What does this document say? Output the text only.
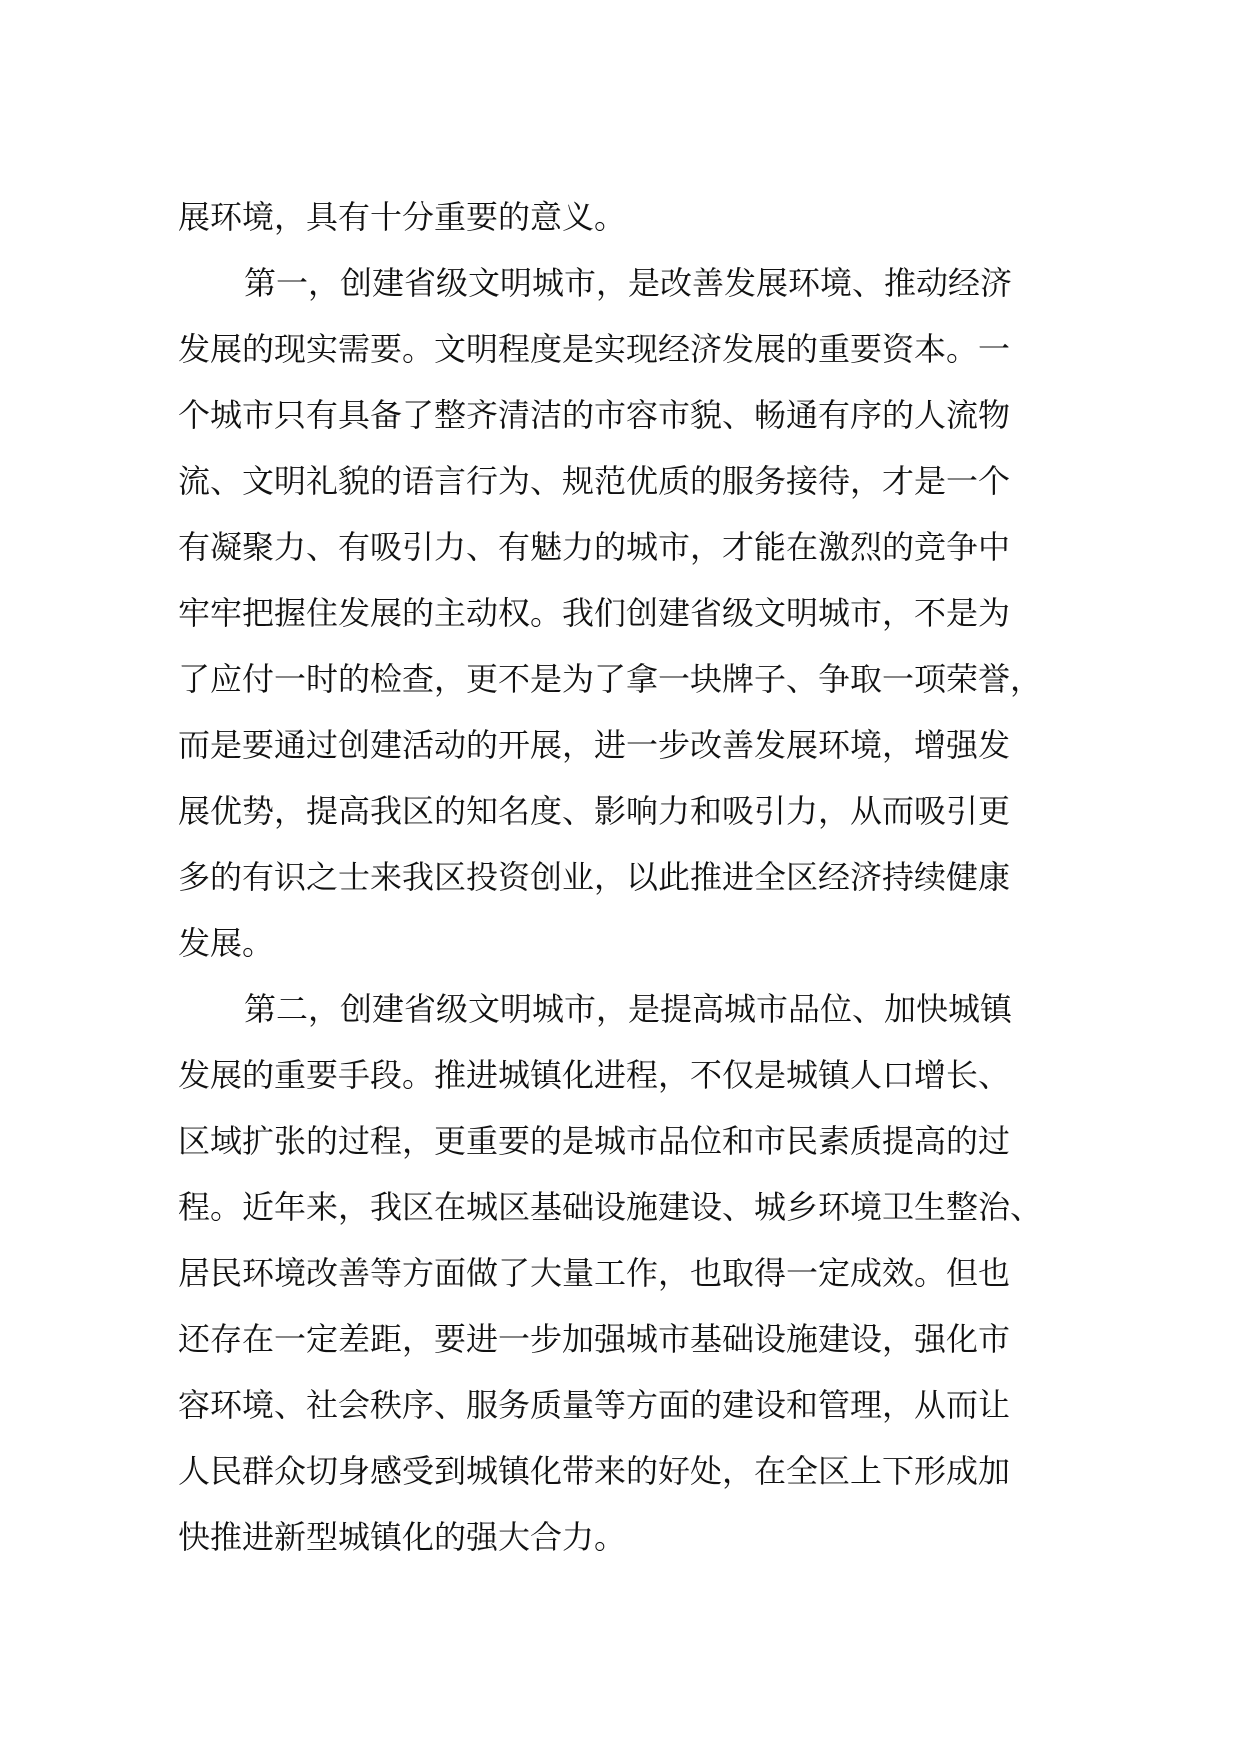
展环境，具有十分重要的意义。
第一，创建省级文明城市，是改善发展环境、推动经济
发展的现实需要。文明程度是实现经济发展的重要资本。一
个城市只有具备了整齐清洁的市容市貌、畅通有序的人流物
流、文明礼貌的语言行为、规范优质的服务接待，才是一个
有凝聚力、有吸引力、有魅力的城市，才能在激烈的竞争中
牢牢把握住发展的主动权。我们创建省级文明城市，不是为
了应付一时的检查，更不是为了拿一块牌子、争取一项荣誉，
而是要通过创建活动的开展，进一步改善发展环境，增强发
展优势，提高我区的知名度、影响力和吸引力，从而吸引更
多的有识之士来我区投资创业，以此推进全区经济持续健康
发展。
第二，创建省级文明城市，是提高城市品位、加快城镇
发展的重要手段。推进城镇化进程，不仅是城镇人口增长、
区域扩张的过程，更重要的是城市品位和市民素质提高的过
程。近年来，我区在城区基础设施建设、城乡环境卫生整治、
居民环境改善等方面做了大量工作，也取得一定成效。但也
还存在一定差距，要进一步加强城市基础设施建设，强化市
容环境、社会秩序、服务质量等方面的建设和管理，从而让
人民群众切身感受到城镇化带来的好处，在全区上下形成加
快推进新型城镇化的强大合力。
